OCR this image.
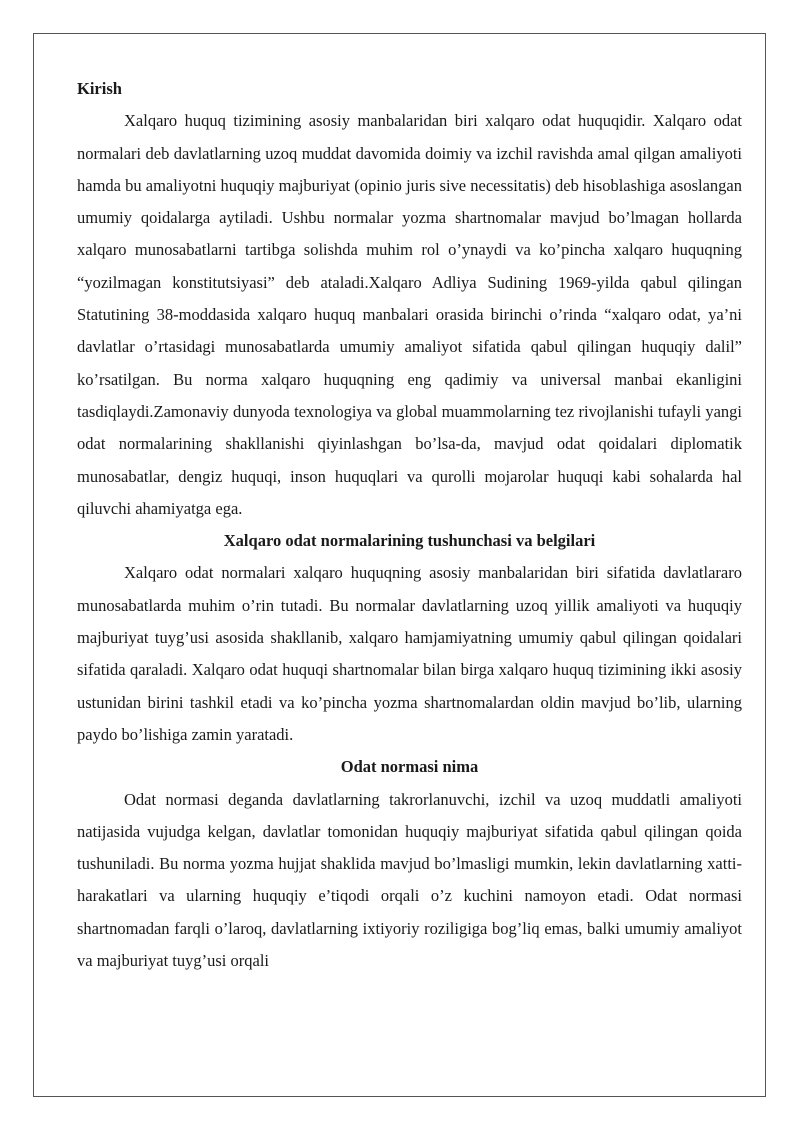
Kirish

Xalqaro huquq tizimining asosiy manbalaridan biri xalqaro odat huquqidir. Xalqaro odat normalari deb davlatlarning uzoq muddat davomida doimiy va izchil ravishda amal qilgan amaliyoti hamda bu amaliyotni huquqiy majburiyat (opinio juris sive necessitatis) deb hisoblashiga asoslangan umumiy qoidalarga aytiladi. Ushbu normalar yozma shartnomalar mavjud bo’lmagan hollarda xalqaro munosabatlarni tartibga solishda muhim rol o’ynaydi va ko’pincha xalqaro huquqning “yozilmagan konstitutsiyasi” deb ataladi.Xalqaro Adliya Sudining 1969-yilda qabul qilingan Statutining 38-moddasida xalqaro huquq manbalari orasida birinchi o’rinda “xalqaro odat, ya’ni davlatlar o’rtasidagi munosabatlarda umumiy amaliyot sifatida qabul qilingan huquqiy dalil” ko’rsatilgan. Bu norma xalqaro huquqning eng qadimiy va universal manbai ekanligini tasdiqlaydi.Zamonaviy dunyoda texnologiya va global muammolarning tez rivojlanishi tufayli yangi odat normalarining shakllanishi qiyinlashgan bo’lsa-da, mavjud odat qoidalari diplomatik munosabatlar, dengiz huquqi, inson huquqlari va qurolli mojarolar huquqi kabi sohalarda hal qiluvchi ahamiyatga ega.

Xalqaro odat normalarining tushunchasi va belgilari

Xalqaro odat normalari xalqaro huquqning asosiy manbalaridan biri sifatida davlatlararo munosabatlarda muhim o’rin tutadi. Bu normalar davlatlarning uzoq yillik amaliyoti va huquqiy majburiyat tuyg’usi asosida shakllanib, xalqaro hamjamiyatning umumiy qabul qilingan qoidalari sifatida qaraladi. Xalqaro odat huquqi shartnomalar bilan birga xalqaro huquq tizimining ikki asosiy ustunidan birini tashkil etadi va ko’pincha yozma shartnomalardan oldin mavjud bo’lib, ularning paydo bo’lishiga zamin yaratadi.

Odat normasi nima

Odat normasi deganda davlatlarning takrorlanuvchi, izchil va uzoq muddatli amaliyoti natijasida vujudga kelgan, davlatlar tomonidan huquqiy majburiyat sifatida qabul qilingan qoida tushuniladi. Bu norma yozma hujjat shaklida mavjud bo’lmasligi mumkin, lekin davlatlarning xatti-harakatlari va ularning huquqiy e’tiqodi orqali o’z kuchini namoyon etadi. Odat normasi shartnomadan farqli o’laroq, davlatlarning ixtiyoriy roziligiga bog’liq emas, balki umumiy amaliyot va majburiyat tuyg’usi orqali
